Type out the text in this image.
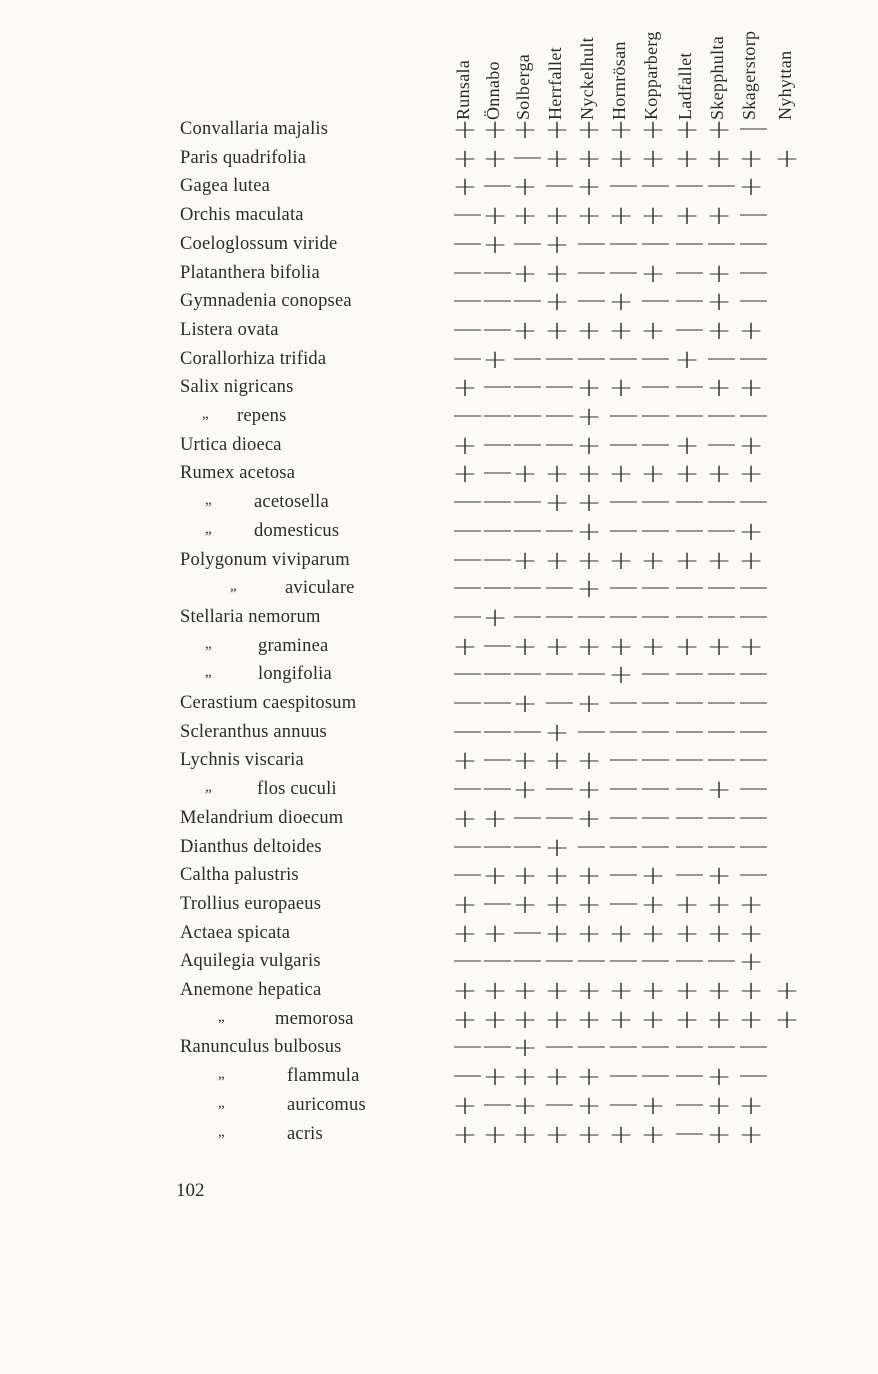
Runsala Önnabo Solberga Herrfallet Nyckelhult Hornrösan Kopparberg Ladfallet Skepphulta Skagerstorp Nyhyttan
Convallaria majalis	+ + + + + + + + + —
Paris quadrifolia	+ + — + + + + + + + +
Gagea lutea	+ — + — + — — — — +
Orchis maculata	— + + + + + + + + —
Coeloglossum viride	— + — + — — — — — —
Platanthera bifolia	— — + + — — + — + —
Gymnadenia conopsea	— — — + — + — — + —
Listera ovata	— — + + + + + — + +
Corallorhiza trifida	— + — — — — — + — —
Salix nigricans	+ — — — + + — — + +
„ repens	— — — — + — — — — —
Urtica dioeca	+ — — — + — — + — +
Rumex acetosa	+ — + + + + + + + +
„ acetosella	— — — + + — — — — —
„ domesticus	— — — — + — — — — +
Polygonum viviparum	— — + + + + + + + +
„	aviculare	— — — — + — — — — —
Stellaria nemorum	— + — — — — — — — —
„	graminea	+ — + + + + + + + +
„	longifolia	— — — — — + — — — —
Cerastium caespitosum	— — + — + — — — — —
Scleranthus annuus	— — — + — — — — — —
Lychnis viscaria	+ — + + + — — — — —
„ flos cuculi	— — + — + — — — + —
Melandrium dioecum	+ + — — + — — — — —
Dianthus deltoides	— — — + — — — — — —
Caltha palustris	— + + + + — + — + —
Trollius europaeus	+ — + + + — + + + +
Actaea spicata	+ + — + + + + + + +
Aquilegia vulgaris	— — — — — — — — — +
Anemone hepatica	+ + + + + + + + + + +
„	memorosa	+ + + + + + + + + + +
Ranunculus bulbosus	— — + — — — — — — —
„	flammula	— + + + + — — — + —
„	auricomus	+ — + — + — + — + +
„	acris	+ + + + + + + — + +
102
